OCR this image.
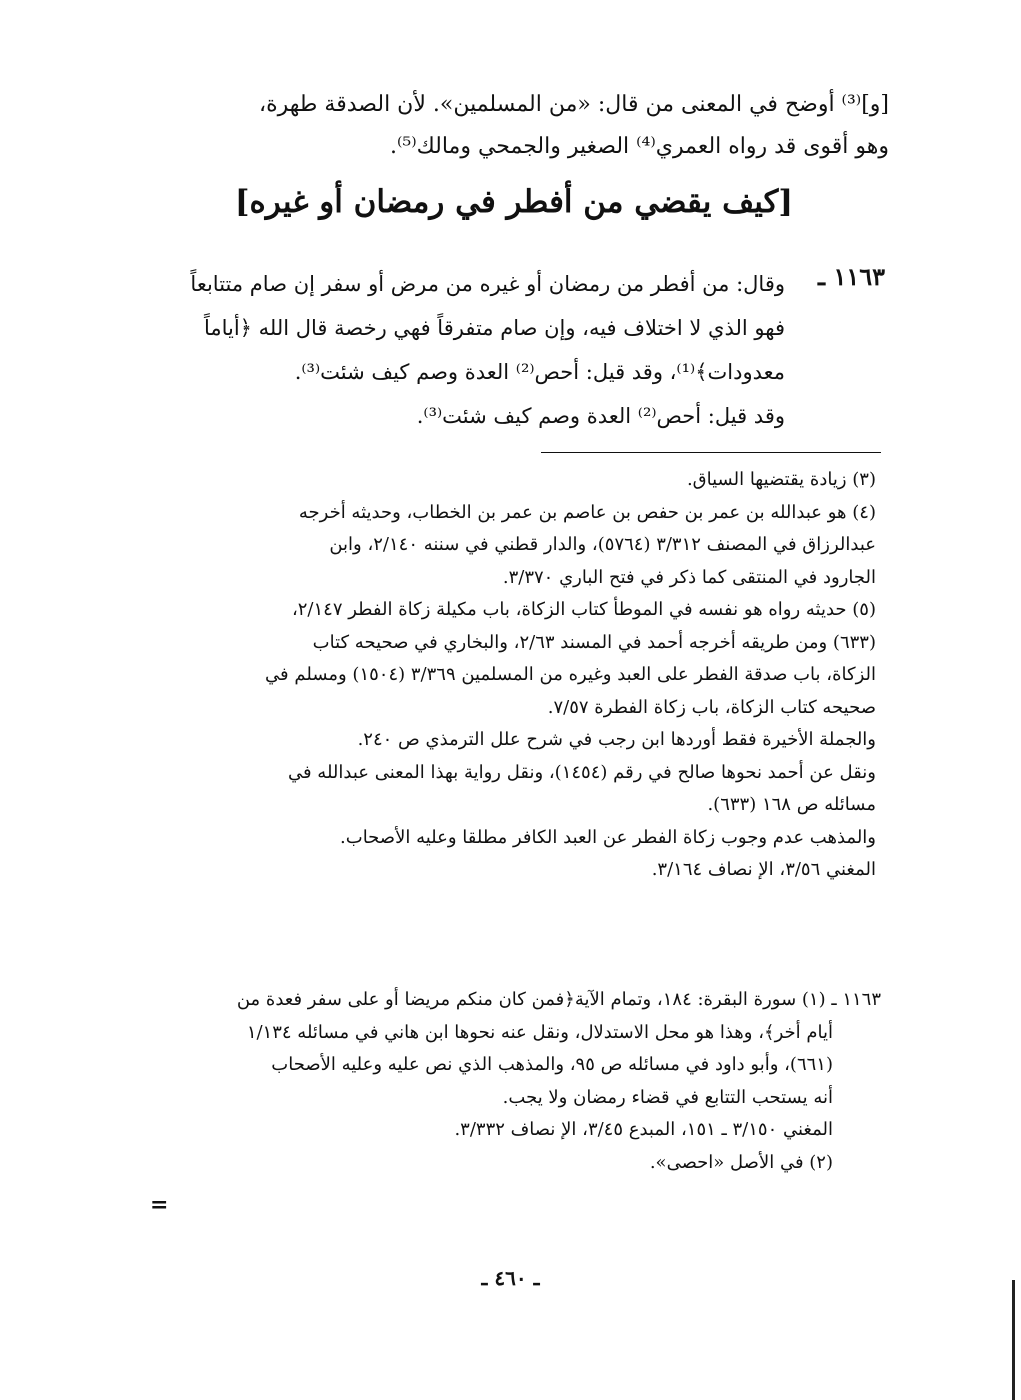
[و]⁽³⁾ أوضح في المعنى من قال: «من المسلمين». لأن الصدقة طهرة،
وهو أقوى قد رواه العمري⁽⁴⁾ الصغير والجمحي ومالك⁽⁵⁾.
[كيف يقضي من أفطر في رمضان أو غيره]
١١٦٣ ـ
وقال: من أفطر من رمضان أو غيره من مرض أو سفر إن صام متتابعاً
فهو الذي لا اختلاف فيه، وإن صام متفرقاً فهي رخصة قال الله ﴿أياماً
معدودات﴾⁽¹⁾، وقد قيل: أحص⁽²⁾ العدة وصم كيف شئت⁽³⁾.
وقد قيل: أحص⁽²⁾ العدة وصم كيف شئت⁽³⁾.
(٣) زيادة يقتضيها السياق.
(٤) هو عبدالله بن عمر بن حفص بن عاصم بن عمر بن الخطاب، وحديثه أخرجه
عبدالرزاق في المصنف ٣/٣١٢ (٥٧٦٤)، والدار قطني في سننه ٢/١٤٠، وابن
الجارود في المنتقى كما ذكر في فتح الباري ٣/٣٧٠.
(٥) حديثه رواه هو نفسه في الموطأ كتاب الزكاة، باب مكيلة زكاة الفطر ٢/١٤٧،
(٦٣٣) ومن طريقه أخرجه أحمد في المسند ٢/٦٣، والبخاري في صحيحه كتاب
الزكاة، باب صدقة الفطر على العبد وغيره من المسلمين ٣/٣٦٩ (١٥٠٤) ومسلم في
صحيحه كتاب الزكاة، باب زكاة الفطرة ٧/٥٧.
والجملة الأخيرة فقط أوردها ابن رجب في شرح علل الترمذي ص ٢٤٠.
ونقل عن أحمد نحوها صالح في رقم (١٤٥٤)، ونقل رواية بهذا المعنى عبدالله في
مسائله ص ١٦٨ (٦٣٣).
والمذهب عدم وجوب زكاة الفطر عن العبد الكافر مطلقا وعليه الأصحاب.
المغني ٣/٥٦، الإ نصاف ٣/١٦٤.
١١٦٣ ـ (١) سورة البقرة: ١٨٤، وتمام الآية﴿فمن كان منكم مريضا أو على سفر فعدة من
أيام أخر﴾، وهذا هو محل الاستدلال، ونقل عنه نحوها ابن هاني في مسائله ١/١٣٤
(٦٦١)، وأبو داود في مسائله ص ٩٥، والمذهب الذي نص عليه وعليه الأصحاب
أنه يستحب التتابع في قضاء رمضان ولا يجب.
المغني ٣/١٥٠ ـ ١٥١، المبدع ٣/٤٥، الإ نصاف ٣/٣٣٢.
(٢) في الأصل «احصى».
=
ـ ٤٦٠ ـ
